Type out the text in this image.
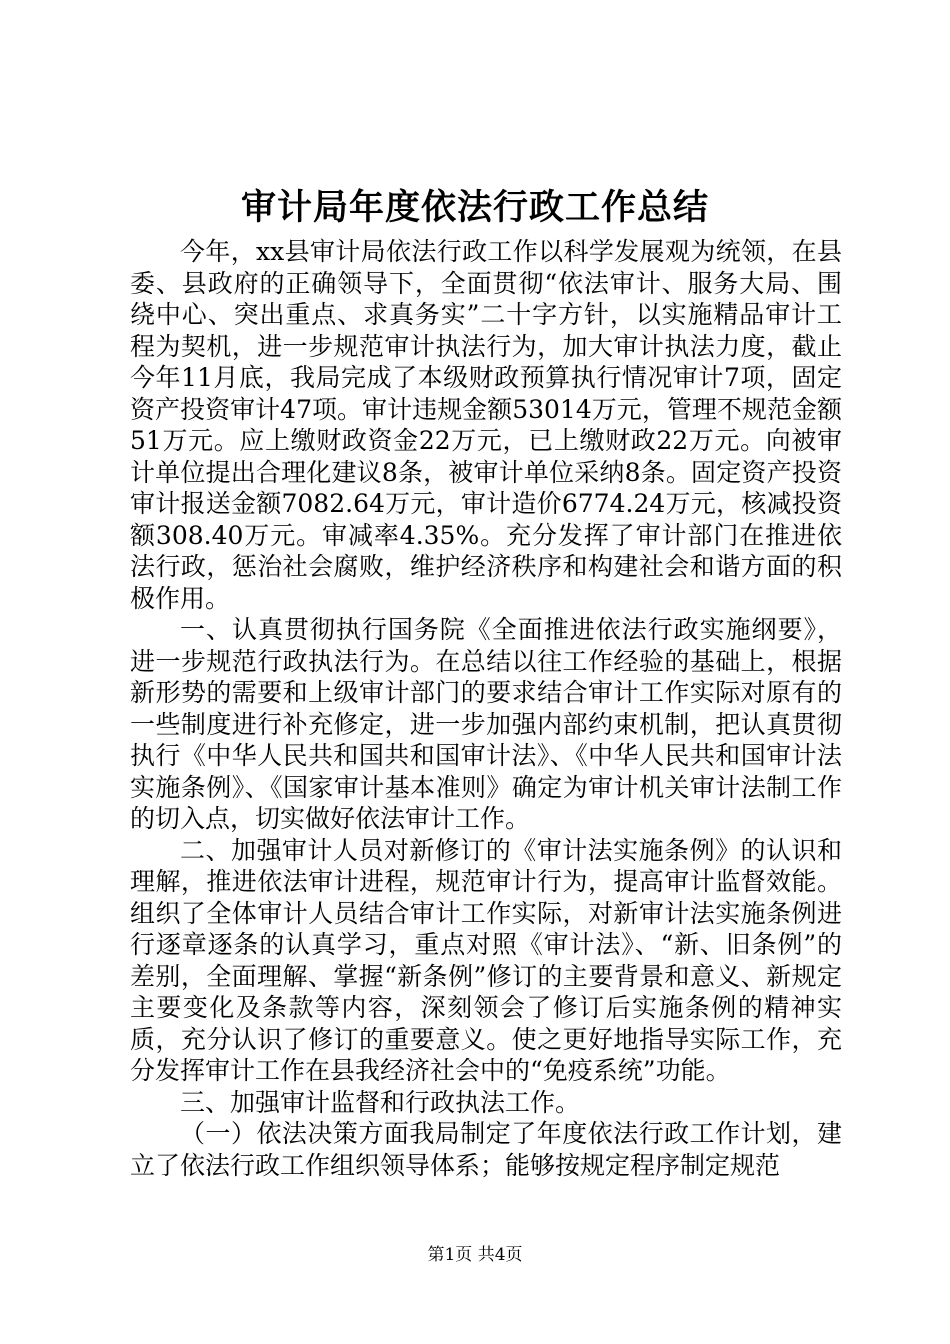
审计局年度依法行政工作总结

今年，xx县审计局依法行政工作以科学发展观为统领，在县委、县政府的正确领导下，全面贯彻“依法审计、服务大局、围绕中心、突出重点、求真务实”二十字方针，以实施精品审计工程为契机，进一步规范审计执法行为，加大审计执法力度，截止今年11月底，我局完成了本级财政预算执行情况审计7项，固定资产投资审计47项。审计违规金额53014万元，管理不规范金额51万元。应上缴财政资金22万元，已上缴财政22万元。向被审计单位提出合理化建议8条，被审计单位采纳8条。固定资产投资审计报送金额7082.64万元，审计造价6774.24万元，核减投资额308.40万元。审减率4.35%。充分发挥了审计部门在推进依法行政，惩治社会腐败，维护经济秩序和构建社会和谐方面的积极作用。

一、认真贯彻执行国务院《全面推进依法行政实施纲要》，进一步规范行政执法行为。在总结以往工作经验的基础上，根据新形势的需要和上级审计部门的要求结合审计工作实际对原有的一些制度进行补充修定，进一步加强内部约束机制，把认真贯彻执行《中华人民共和国共和国审计法》、《中华人民共和国审计法实施条例》、《国家审计基本准则》确定为审计机关审计法制工作的切入点，切实做好依法审计工作。

二、加强审计人员对新修订的《审计法实施条例》的认识和理解，推进依法审计进程，规范审计行为，提高审计监督效能。组织了全体审计人员结合审计工作实际，对新审计法实施条例进行逐章逐条的认真学习，重点对照《审计法》、“新、旧条例”的差别，全面理解、掌握“新条例”修订的主要背景和意义、新规定主要变化及条款等内容，深刻领会了修订后实施条例的精神实质，充分认识了修订的重要意义。使之更好地指导实际工作，充分发挥审计工作在县我经济社会中的“免疫系统”功能。

三、加强审计监督和行政执法工作。

（一）依法决策方面我局制定了年度依法行政工作计划，建立了依法行政工作组织领导体系；能够按规定程序制定规范

第1页 共4页
